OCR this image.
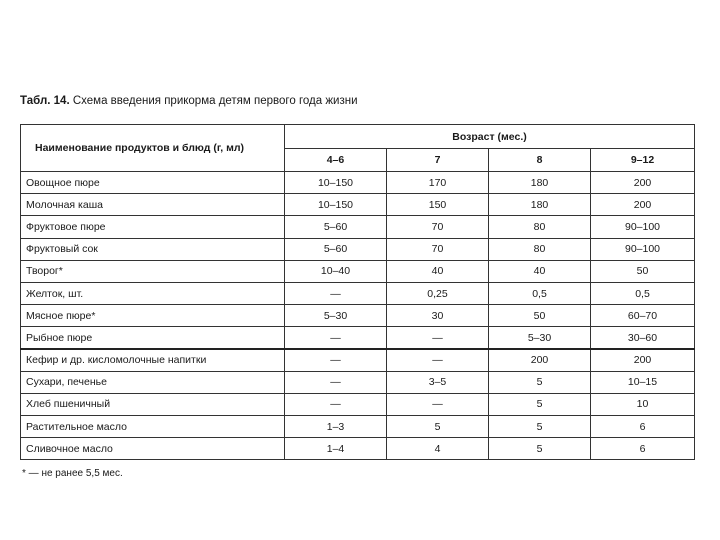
Табл. 14. Схема введения прикорма детям первого года жизни
Наименование продуктов и блюд (г, мл)	Возраст (мес.)			
	4–6	7	8	9–12
Овощное пюре	10–150	170	180	200
Молочная каша	10–150	150	180	200
Фруктовое пюре	5–60	70	80	90–100
Фруктовый сок	5–60	70	80	90–100
Творог*	10–40	40	40	50
Желток, шт.	—	0,25	0,5	0,5
Мясное пюре*	5–30	30	50	60–70
Рыбное пюре	—	—	5–30	30–60
Кефир и др. кисломолочные напитки	—	—	200	200
Сухари, печенье	—	3–5	5	10–15
Хлеб пшеничный	—	—	5	10
Растительное масло	1–3	5	5	6
Сливочное масло	1–4	4	5	6
* — не ранее 5,5 мес.
